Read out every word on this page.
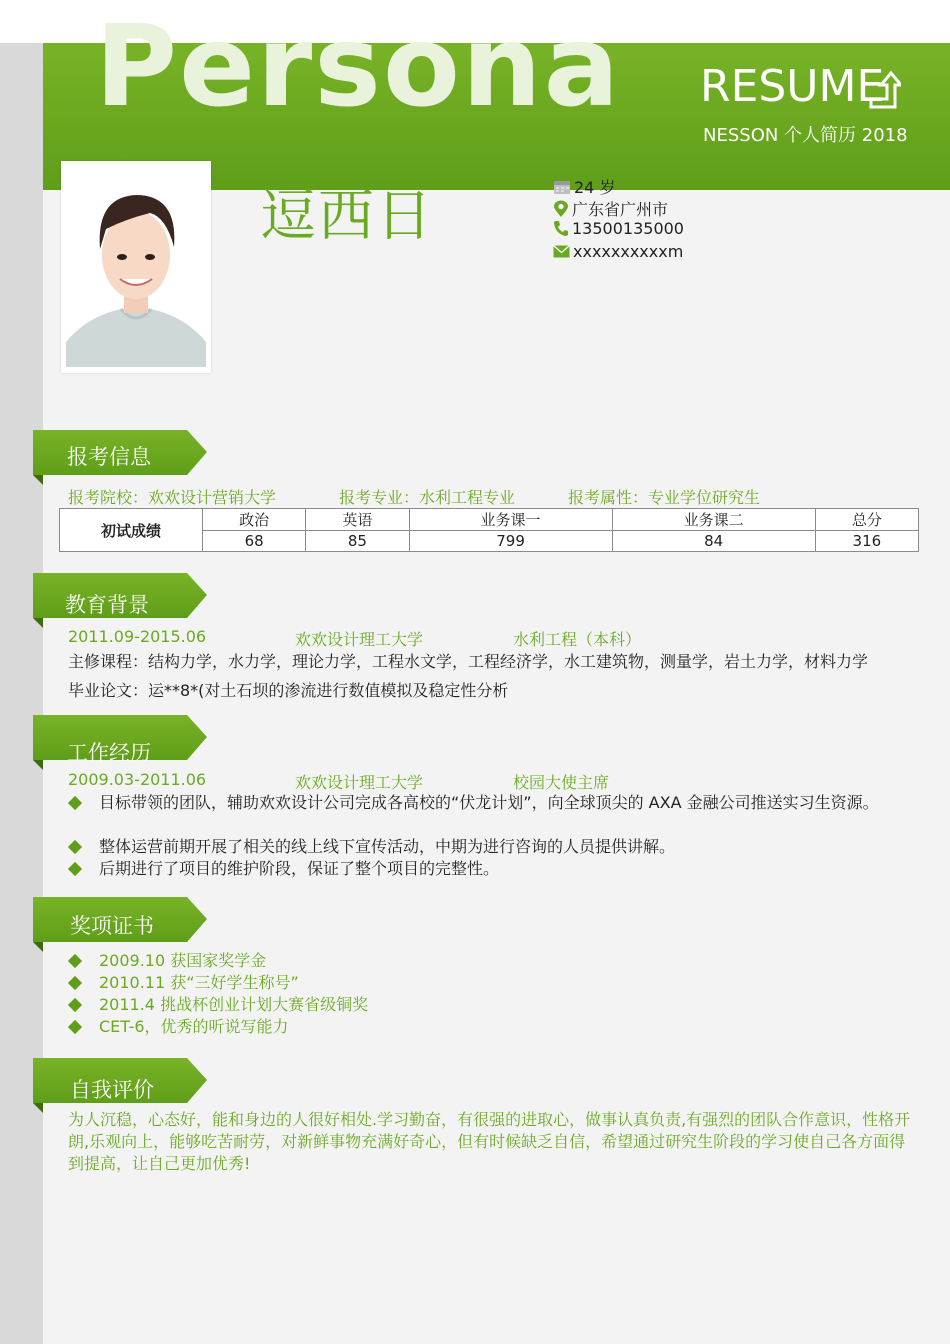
Persona RESUME
NESSON 个人简历 2018
逗西日	24 岁
广东省广州市
13500135000
xxxxxxxxxxm
报考信息
报考院校：欢欢设计营销大学	报考专业：水利工程专业	报考属性：专业学位研究生
初试成绩	政治	英语	业务课一	业务课二	总分
	68	85	799	84	316
教育背景
2011.09-2015.06	欢欢设计理工大学	水利工程（本科）
主修课程：结构力学，水力学，理论力学，工程水文学，工程经济学，水工建筑物，测量学，岩土力学，材料力学
毕业论文：运**8*(对土石坝的渗流进行数值模拟及稳定性分析
工作经历
2009.03-2011.06	欢欢设计理工大学	校园大使主席
目标带领的团队，辅助欢欢设计公司完成各高校的“伏龙计划”，向全球顶尖的 AXA 金融公司推送实习生资源。
整体运营前期开展了相关的线上线下宣传活动，中期为进行咨询的人员提供讲解。
后期进行了项目的维护阶段，保证了整个项目的完整性。
奖项证书
2009.10 获国家奖学金
2010.11 获“三好学生称号”
2011.4 挑战杯创业计划大赛省级铜奖
CET-6，优秀的听说写能力
自我评价
为人沉稳，心态好，能和身边的人很好相处.学习勤奋，有很强的进取心，做事认真负责,有强烈的团队合作意识，性格开朗,乐观向上，能够吃苦耐劳，对新鲜事物充满好奇心，但有时候缺乏自信，希望通过研究生阶段的学习使自己各方面得到提高，让自己更加优秀!
